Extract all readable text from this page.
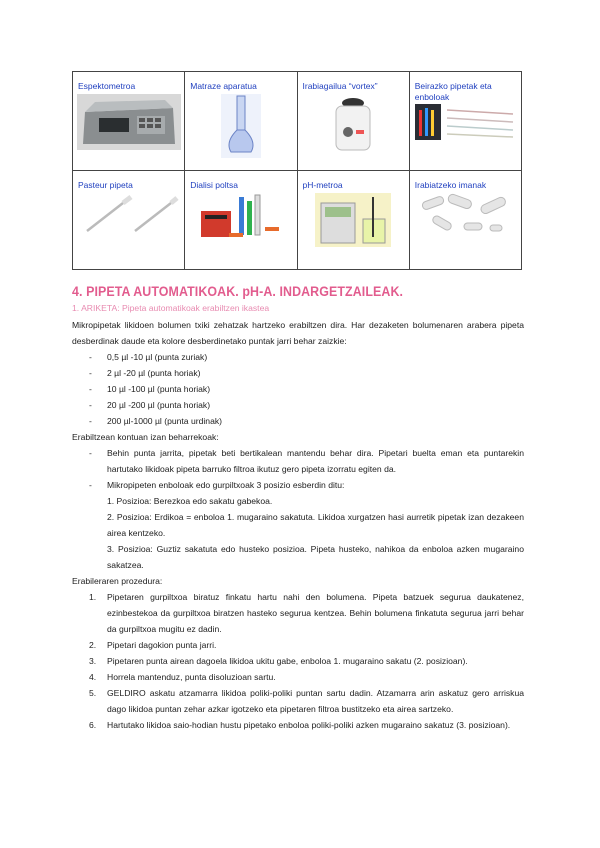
Espektometroa	Matraze aparatua	Irabiagailua “vortex”	Beirazko pipetak eta enboloak

Pasteur pipeta	Dialisi poltsa	pH-metroa	Irabiatzeko imanak
4. PIPETA AUTOMATIKOAK. pH-A. INDARGETZAILEAK.
1. ARIKETA: Pipeta automatikoak erabiltzen ikastea

Mikropipetak likidoen bolumen txiki zehatzak hartzeko erabiltzen dira. Har dezaketen bolumenaren arabera pipeta desberdinak daude eta kolore desberdinetako puntak jarri behar zaizkie:

- 0,5 µl -10 µl (punta zuriak)
- 2 µl -20 µl (punta horiak)
- 10 µl -100 µl (punta horiak)
- 20 µl -200 µl (punta horiak)
- 200 µl-1000 µl (punta urdinak)

Erabiltzean kontuan izan beharrekoak:

- Behin punta jarrita, pipetak beti bertikalean mantendu behar dira. Pipetari buelta eman eta puntarekin hartutako likidoak pipeta barruko filtroa ikutuz gero pipeta izorratu egiten da.
- Mikropipeten enboloak edo gurpiltxoak 3 posizio esberdin ditu:
1. Posizioa: Berezkoa edo sakatu gabekoa.
2. Posizioa: Erdikoa = enboloa 1. mugaraino sakatuta. Likidoa xurgatzen hasi aurretik pipetak izan dezakeen airea kentzeko.
3. Posizioa: Guztiz sakatuta edo husteko posizioa. Pipeta husteko, nahikoa da enboloa azken mugaraino sakatzea.

Erabileraren prozedura:

1. Pipetaren gurpiltxoa biratuz finkatu hartu nahi den bolumena. Pipeta batzuek segurua daukatenez, ezinbestekoa da gurpiltxoa biratzen hasteko segurua kentzea. Behin bolumena finkatuta segurua jarri behar da gurpiltxoa mugitu ez dadin.
2. Pipetari dagokion punta jarri.
3. Pipetaren punta airean dagoela likidoa ukitu gabe, enboloa 1. mugaraino sakatu (2. posizioan).
4. Horrela mantenduz, punta disoluzioan sartu.
5. GELDIRO askatu atzamarra likidoa poliki-poliki puntan sartu dadin. Atzamarra arin askatuz gero arriskua dago likidoa puntan zehar azkar igotzeko eta pipetaren filtroa bustitzeko eta airea sartzeko.
6. Hartutako likidoa saio-hodian hustu pipetako enboloa poliki-poliki azken mugaraino sakatuz (3. posizioan).
